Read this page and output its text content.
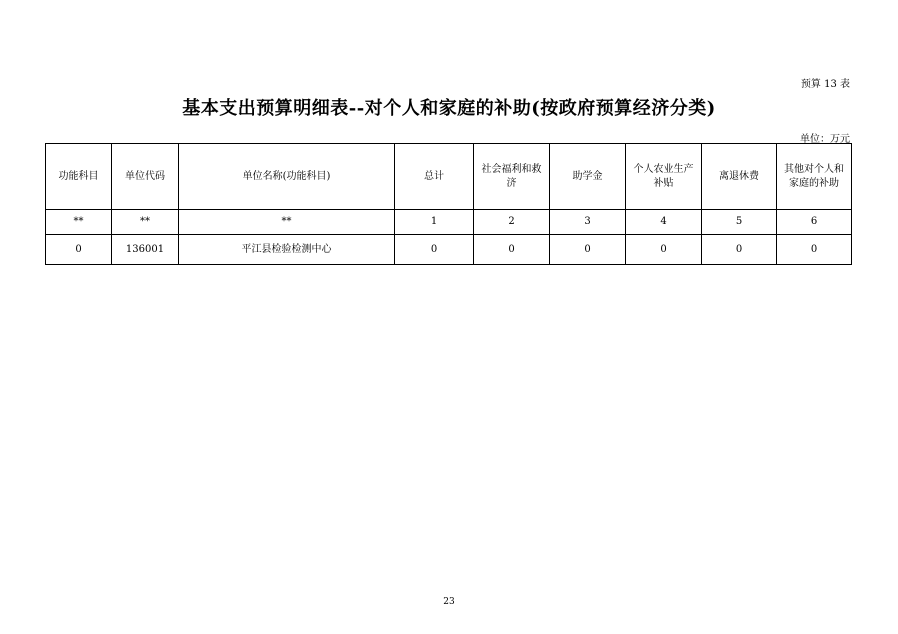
预算 13 表
基本支出预算明细表--对个人和家庭的补助(按政府预算经济分类)
单位：万元
功能科目	单位代码	单位名称(功能科目)	总计	社会福利和救济	助学金	个人农业生产补贴	离退休费	其他对个人和家庭的补助
**	**	**	1	2	3	4	5	6
0	136001	平江县检验检测中心	0	0	0	0	0	0
23
